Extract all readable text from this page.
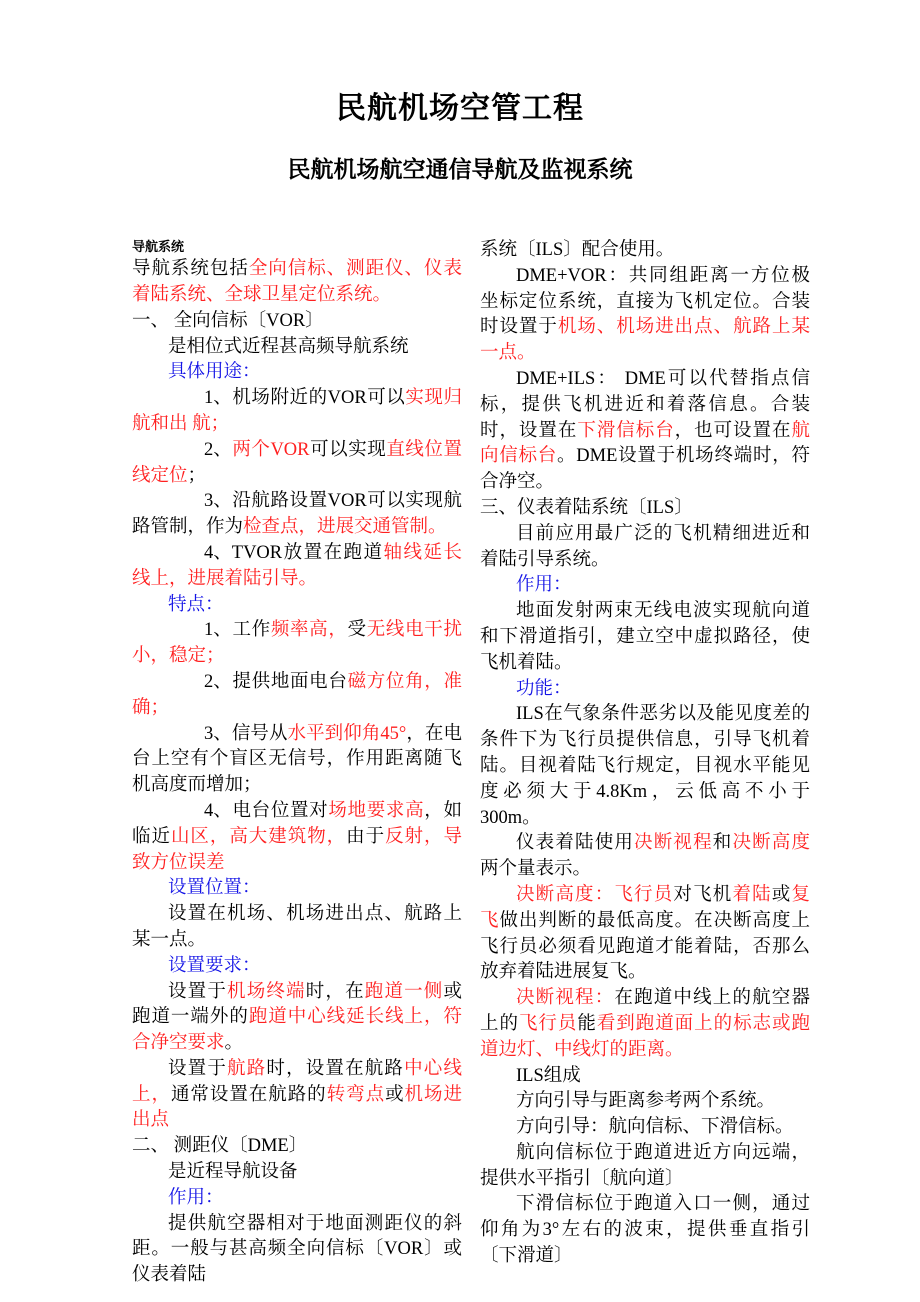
民航机场空管工程
民航机场航空通信导航及监视系统
导航系统

导航系统包括全向信标、测距仪、仪表着陆系统、全球卫星定位系统。

一、 全向信标〔VOR〕

是相位式近程甚高频导航系统

具体用途：

1、机场附近的VOR可以实现归航和出 航；

2、两个VOR可以实现直线位置线定位；

3、沿航路设置VOR可以实现航路管制，作为检查点，进展交通管制。

4、TVOR放置在跑道轴线延长线上，进展着陆引导。

特点：

1、工作频率高，受无线电干扰小，稳定；

2、提供地面电台磁方位角，准确；

3、信号从水平到仰角45°，在电台上空有个盲区无信号，作用距离随飞机高度而增加；

4、电台位置对场地要求高，如临近山区，高大建筑物，由于反射，导致方位误差

设置位置：

设置在机场、机场进出点、航路上某一点。

设置要求：

设置于机场终端时，在跑道一侧或跑道一端外的跑道中心线延长线上，符合净空要求。

设置于航路时，设置在航路中心线上，通常设置在航路的转弯点或机场进出点

二、 测距仪〔DME〕

是近程导航设备

作用：

提供航空器相对于地面测距仪的斜距。一般与甚高频全向信标〔VOR〕或仪表着陆

系统〔ILS〕配合使用。

DME+VOR：共同组距离一方位极坐标定位系统，直接为飞机定位。合装时设置于机场、机场进出点、航路上某一点。

DME+ILS： DME可以代替指点信标，提供飞机进近和着落信息。合装时，设置在下滑信标台，也可设置在航向信标台。DME设置于机场终端时，符合净空。

三、仪表着陆系统〔ILS〕

目前应用最广泛的飞机精细进近和着陆引导系统。

作用：

地面发射两束无线电波实现航向道和下滑道指引，建立空中虚拟路径，使飞机着陆。

功能：

ILS在气象条件恶劣以及能见度差的条件下为飞行员提供信息，引导飞机着陆。目视着陆飞行规定，目视水平能见度必须大于4.8Km，云低高不小于300m。

仪表着陆使用决断视程和决断高度两个量表示。

决断高度：飞行员对飞机着陆或复飞做出判断的最低高度。在决断高度上飞行员必须看见跑道才能着陆，否那么放弃着陆进展复飞。

决断视程：在跑道中线上的航空器上的飞行员能看到跑道面上的标志或跑道边灯、中线灯的距离。

ILS组成

方向引导与距离参考两个系统。

方向引导：航向信标、下滑信标。

航向信标位于跑道进近方向远端，提供水平指引〔航向道〕

下滑信标位于跑道入口一侧，通过仰角为3°左右的波束，提供垂直指引〔下滑道〕
